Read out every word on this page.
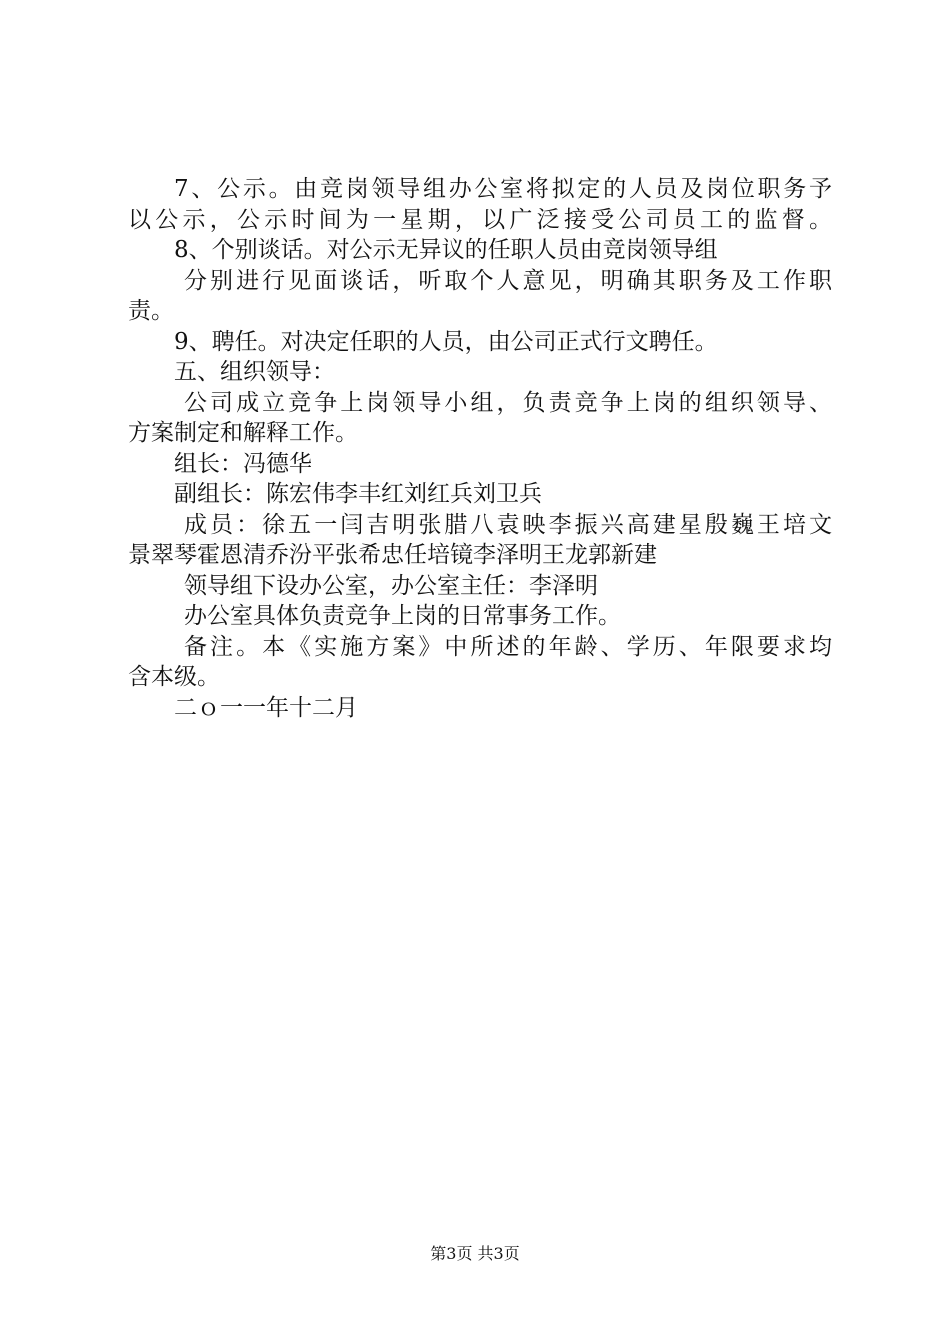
7、公示。由竞岗领导组办公室将拟定的人员及岗位职务予
以公示，公示时间为一星期，以广泛接受公司员工的监督。
8、个别谈话。对公示无异议的任职人员由竞岗领导组
分别进行见面谈话，听取个人意见，明确其职务及工作职
责。
9、聘任。对决定任职的人员，由公司正式行文聘任。
五、组织领导：
公司成立竞争上岗领导小组，负责竞争上岗的组织领导、
方案制定和解释工作。
组长：冯德华
副组长：陈宏伟李丰红刘红兵刘卫兵
成员：徐五一闫吉明张腊八袁映李振兴高建星殷巍王培文
景翠琴霍恩清乔汾平张希忠任培镜李泽明王龙郭新建
领导组下设办公室，办公室主任：李泽明
办公室具体负责竞争上岗的日常事务工作。
备注。本《实施方案》中所述的年龄、学历、年限要求均
含本级。
二ｏ一一年十二月
第3页 共3页
